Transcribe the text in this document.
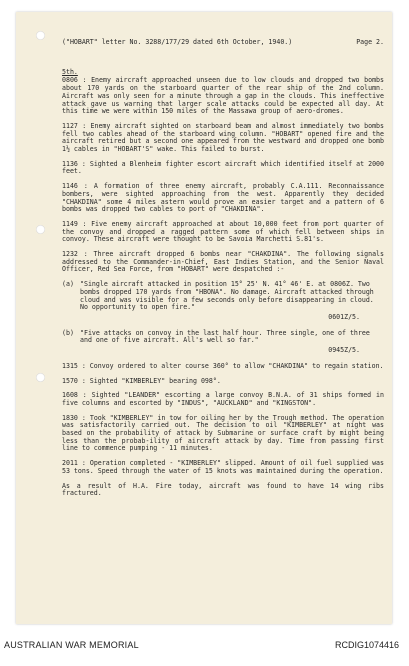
("HOBART" letter No. 3288/177/29 dated 6th October, 1940.)	Page 2.

5th.

0806 : Enemy aircraft approached unseen due to low clouds and dropped two bombs about 170 yards on the starboard quarter of the rear ship of the 2nd column. Aircraft was only seen for a minute through a gap in the clouds. This ineffective attack gave us warning that larger scale attacks could be expected all day. At this time we were within 150 miles of the Massawa group of aero-dromes.

1127 : Enemy aircraft sighted on starboard beam and almost immediately two bombs fell two cables ahead of the starboard wing column. "HOBART" opened fire and the aircraft retired but a second one appeared from the westward and dropped one bomb 1½ cables in "HOBART'S" wake. This failed to burst.

1136 : Sighted a Blenheim fighter escort aircraft which identified itself at 2000 feet.

1146 : A formation of three enemy aircraft, probably C.A.111. Reconnaissance bombers, were sighted approaching from the west. Apparently they decided "CHAKDINA" some 4 miles astern would prove an easier target and a pattern of 6 bombs was dropped two cables to port of "CHAKDINA".

1149 : Five enemy aircraft approached at about 10,000 feet from port quarter of the convoy and dropped a ragged pattern some of which fell between ships in convoy. These aircraft were thought to be Savoia Marchetti S.81's.

1232 : Three aircraft dropped 6 bombs near "CHAKDINA". The following signals addressed to the Commander-in-Chief, East Indies Station, and the Senior Naval Officer, Red Sea Force, from "HOBART" were despatched :-

(a) "Single aircraft attacked in position 15° 25' N. 41° 46' E. at 0806Z. Two bombs dropped 170 yards from "HBONA". No damage. Aircraft attacked through cloud and was visible for a few seconds only before disappearing in cloud. No opportunity to open fire."
0601Z/5.
(b) "Five attacks on convoy in the last half hour. Three single, one of three and one of five aircraft. All's well so far."
0945Z/5.

1315 : Convoy ordered to alter course 360° to allow "CHAKDINA" to regain station.

1570 : Sighted "KIMBERLEY" bearing 098°.

1608 : Sighted "LEANDER" escorting a large convoy B.N.A. of 31 ships formed in five columns and escorted by "INDUS", "AUCKLAND" and "KINGSTON".

1830 : Took "KIMBERLEY" in tow for oiling her by the Trough method. The operation was satisfactorily carried out. The decision to oil "KIMBERLEY" at night was based on the probability of attack by Submarine or surface craft by might being less than the probab-ility of aircraft attack by day. Time from passing first line to commence pumping - 11 minutes.

2011 : Operation completed - "KIMBERLEY" slipped. Amount of oil fuel supplied was 53 tons. Speed through the water of 15 knots was maintained during the operation.

As a result of H.A. Fire today, aircraft was found to have 14 wing ribs fractured.

AUSTRALIAN WAR MEMORIAL	RCDIG1074416
